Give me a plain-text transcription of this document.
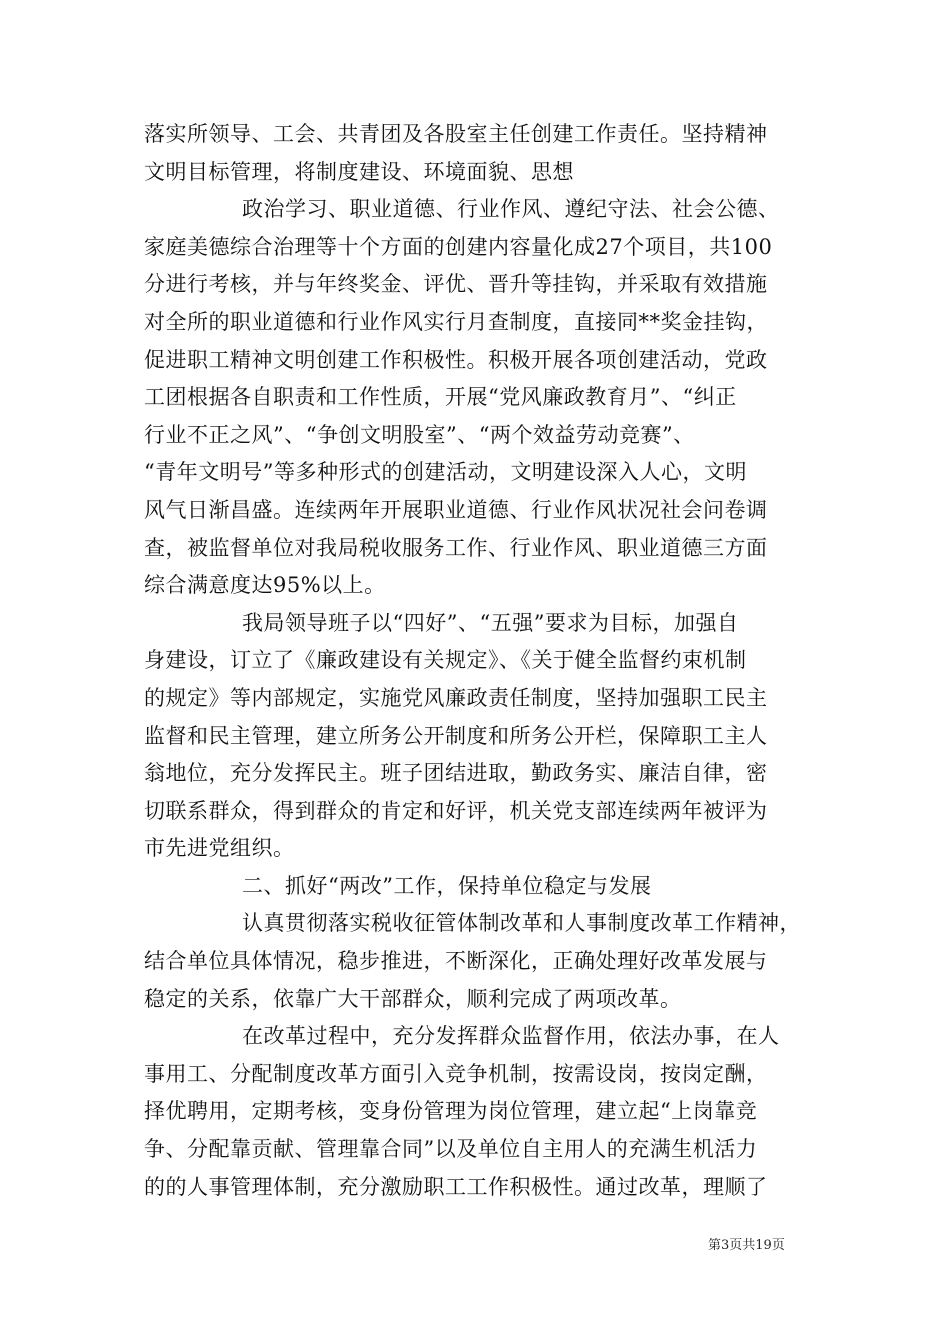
落实所领导、工会、共青团及各股室主任创建工作责任。坚持精神
文明目标管理，将制度建设、环境面貌、思想
政治学习、职业道德、行业作风、遵纪守法、社会公德、
家庭美德综合治理等十个方面的创建内容量化成27个项目，共100
分进行考核，并与年终奖金、评优、晋升等挂钩，并采取有效措施
对全所的职业道德和行业作风实行月查制度，直接同**奖金挂钩，
促进职工精神文明创建工作积极性。积极开展各项创建活动，党政
工团根据各自职责和工作性质，开展“党风廉政教育月”、“纠正
行业不正之风”、“争创文明股室”、“两个效益劳动竞赛”、
“青年文明号”等多种形式的创建活动，文明建设深入人心，文明
风气日渐昌盛。连续两年开展职业道德、行业作风状况社会问卷调
查，被监督单位对我局税收服务工作、行业作风、职业道德三方面
综合满意度达95%以上。
我局领导班子以“四好”、“五强”要求为目标，加强自
身建设，订立了《廉政建设有关规定》、《关于健全监督约束机制
的规定》等内部规定，实施党风廉政责任制度，坚持加强职工民主
监督和民主管理，建立所务公开制度和所务公开栏，保障职工主人
翁地位，充分发挥民主。班子团结进取，勤政务实、廉洁自律，密
切联系群众，得到群众的肯定和好评，机关党支部连续两年被评为
市先进党组织。
二、抓好“两改”工作，保持单位稳定与发展
认真贯彻落实税收征管体制改革和人事制度改革工作精神，
结合单位具体情况，稳步推进，不断深化，正确处理好改革发展与
稳定的关系，依靠广大干部群众，顺利完成了两项改革。
在改革过程中，充分发挥群众监督作用，依法办事，在人
事用工、分配制度改革方面引入竞争机制，按需设岗，按岗定酬，
择优聘用，定期考核，变身份管理为岗位管理，建立起“上岗靠竞
争、分配靠贡献、管理靠合同”以及单位自主用人的充满生机活力
的的人事管理体制，充分激励职工工作积极性。通过改革，理顺了
第3页共19页
